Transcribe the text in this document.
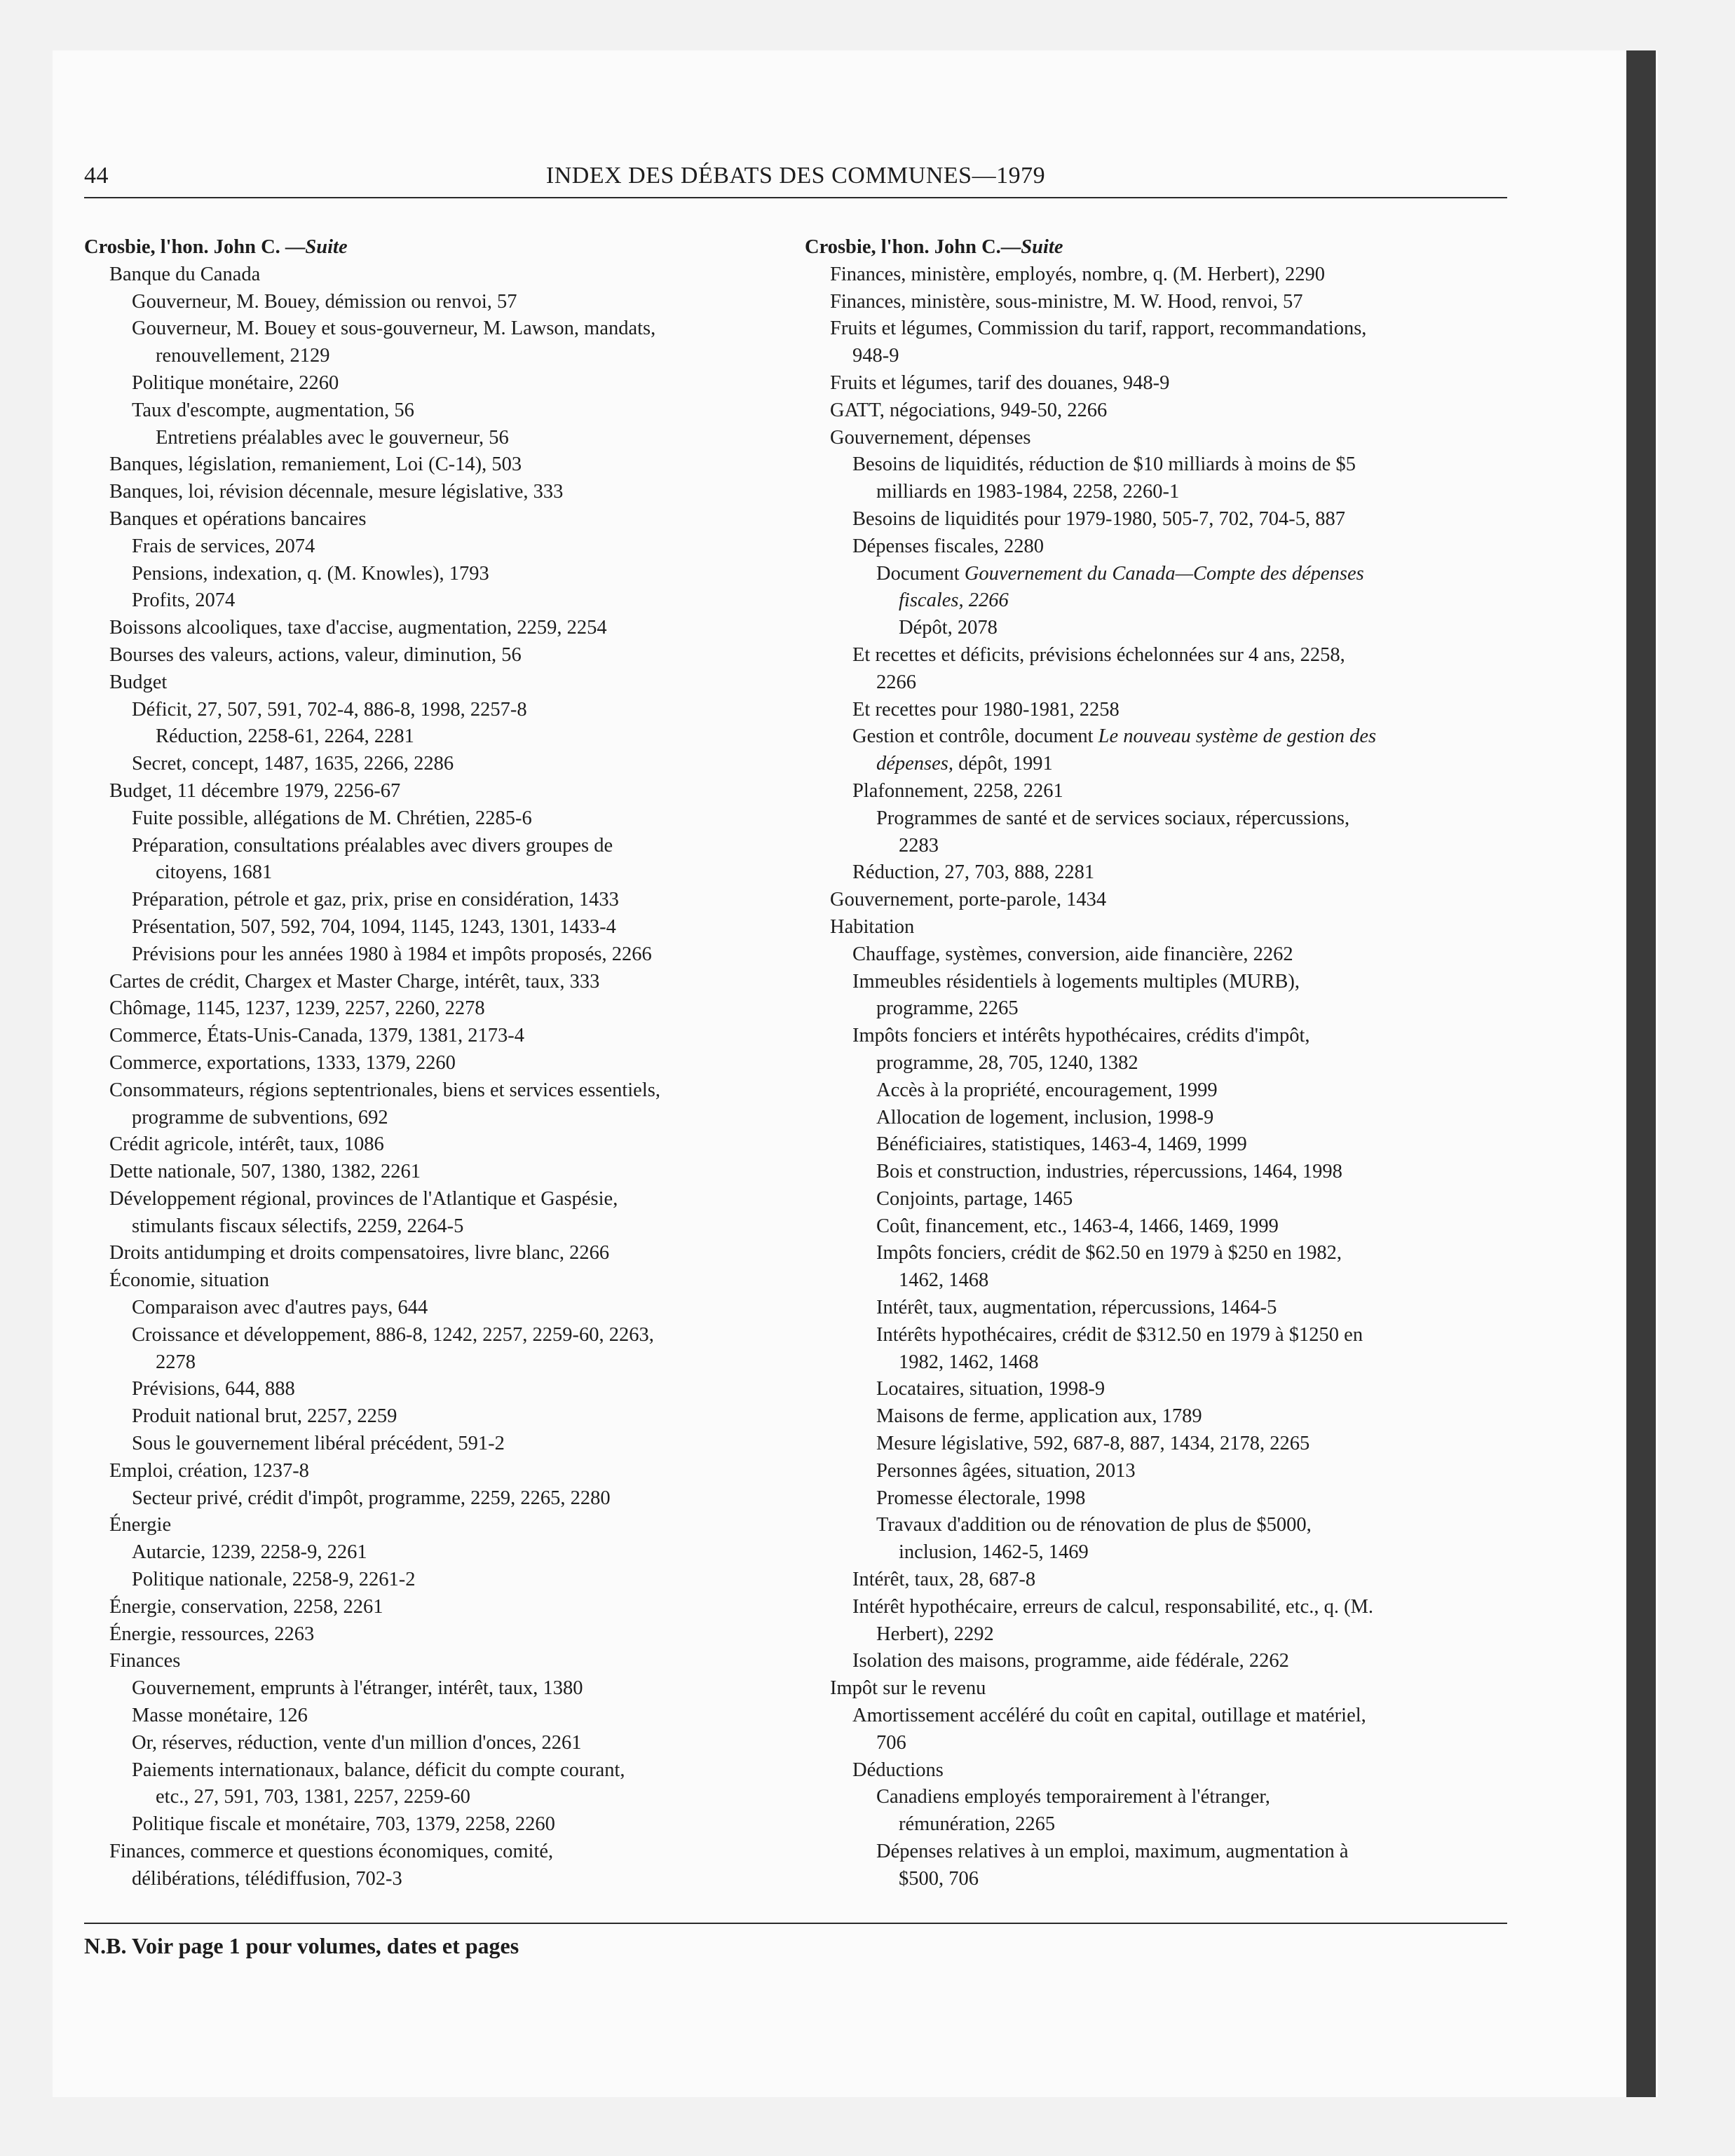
44	INDEX DES DÉBATS DES COMMUNES—1979
Crosbie, l'hon. John C. —Suite
Banque du Canada
Gouverneur, M. Bouey, démission ou renvoi, 57
Gouverneur, M. Bouey et sous-gouverneur, M. Lawson, mandats,
renouvellement, 2129
Politique monétaire, 2260
Taux d'escompte, augmentation, 56
Entretiens préalables avec le gouverneur, 56
Banques, législation, remaniement, Loi (C-14), 503
Banques, loi, révision décennale, mesure législative, 333
Banques et opérations bancaires
Frais de services, 2074
Pensions, indexation, q. (M. Knowles), 1793
Profits, 2074
Boissons alcooliques, taxe d'accise, augmentation, 2259, 2254
Bourses des valeurs, actions, valeur, diminution, 56
Budget
Déficit, 27, 507, 591, 702-4, 886-8, 1998, 2257-8
Réduction, 2258-61, 2264, 2281
Secret, concept, 1487, 1635, 2266, 2286
Budget, 11 décembre 1979, 2256-67
Fuite possible, allégations de M. Chrétien, 2285-6
Préparation, consultations préalables avec divers groupes de
citoyens, 1681
Préparation, pétrole et gaz, prix, prise en considération, 1433
Présentation, 507, 592, 704, 1094, 1145, 1243, 1301, 1433-4
Prévisions pour les années 1980 à 1984 et impôts proposés, 2266
Cartes de crédit, Chargex et Master Charge, intérêt, taux, 333
Chômage, 1145, 1237, 1239, 2257, 2260, 2278
Commerce, États-Unis-Canada, 1379, 1381, 2173-4
Commerce, exportations, 1333, 1379, 2260
Consommateurs, régions septentrionales, biens et services essentiels,
programme de subventions, 692
Crédit agricole, intérêt, taux, 1086
Dette nationale, 507, 1380, 1382, 2261
Développement régional, provinces de l'Atlantique et Gaspésie,
stimulants fiscaux sélectifs, 2259, 2264-5
Droits antidumping et droits compensatoires, livre blanc, 2266
Économie, situation
Comparaison avec d'autres pays, 644
Croissance et développement, 886-8, 1242, 2257, 2259-60, 2263,
2278
Prévisions, 644, 888
Produit national brut, 2257, 2259
Sous le gouvernement libéral précédent, 591-2
Emploi, création, 1237-8
Secteur privé, crédit d'impôt, programme, 2259, 2265, 2280
Énergie
Autarcie, 1239, 2258-9, 2261
Politique nationale, 2258-9, 2261-2
Énergie, conservation, 2258, 2261
Énergie, ressources, 2263
Finances
Gouvernement, emprunts à l'étranger, intérêt, taux, 1380
Masse monétaire, 126
Or, réserves, réduction, vente d'un million d'onces, 2261
Paiements internationaux, balance, déficit du compte courant,
etc., 27, 591, 703, 1381, 2257, 2259-60
Politique fiscale et monétaire, 703, 1379, 2258, 2260
Finances, commerce et questions économiques, comité,
délibérations, télédiffusion, 702-3
Crosbie, l'hon. John C.—Suite
Finances, ministère, employés, nombre, q. (M. Herbert), 2290
Finances, ministère, sous-ministre, M. W. Hood, renvoi, 57
Fruits et légumes, Commission du tarif, rapport, recommandations,
948-9
Fruits et légumes, tarif des douanes, 948-9
GATT, négociations, 949-50, 2266
Gouvernement, dépenses
Besoins de liquidités, réduction de $10 milliards à moins de $5
milliards en 1983-1984, 2258, 2260-1
Besoins de liquidités pour 1979-1980, 505-7, 702, 704-5, 887
Dépenses fiscales, 2280
Document Gouvernement du Canada—Compte des dépenses
fiscales, 2266
Dépôt, 2078
Et recettes et déficits, prévisions échelonnées sur 4 ans, 2258,
2266
Et recettes pour 1980-1981, 2258
Gestion et contrôle, document Le nouveau système de gestion des
dépenses, dépôt, 1991
Plafonnement, 2258, 2261
Programmes de santé et de services sociaux, répercussions,
2283
Réduction, 27, 703, 888, 2281
Gouvernement, porte-parole, 1434
Habitation
Chauffage, systèmes, conversion, aide financière, 2262
Immeubles résidentiels à logements multiples (MURB),
programme, 2265
Impôts fonciers et intérêts hypothécaires, crédits d'impôt,
programme, 28, 705, 1240, 1382
Accès à la propriété, encouragement, 1999
Allocation de logement, inclusion, 1998-9
Bénéficiaires, statistiques, 1463-4, 1469, 1999
Bois et construction, industries, répercussions, 1464, 1998
Conjoints, partage, 1465
Coût, financement, etc., 1463-4, 1466, 1469, 1999
Impôts fonciers, crédit de $62.50 en 1979 à $250 en 1982,
1462, 1468
Intérêt, taux, augmentation, répercussions, 1464-5
Intérêts hypothécaires, crédit de $312.50 en 1979 à $1250 en
1982, 1462, 1468
Locataires, situation, 1998-9
Maisons de ferme, application aux, 1789
Mesure législative, 592, 687-8, 887, 1434, 2178, 2265
Personnes âgées, situation, 2013
Promesse électorale, 1998
Travaux d'addition ou de rénovation de plus de $5000,
inclusion, 1462-5, 1469
Intérêt, taux, 28, 687-8
Intérêt hypothécaire, erreurs de calcul, responsabilité, etc., q. (M.
Herbert), 2292
Isolation des maisons, programme, aide fédérale, 2262
Impôt sur le revenu
Amortissement accéléré du coût en capital, outillage et matériel,
706
Déductions
Canadiens employés temporairement à l'étranger,
rémunération, 2265
Dépenses relatives à un emploi, maximum, augmentation à
$500, 706
N.B. Voir page 1 pour volumes, dates et pages
